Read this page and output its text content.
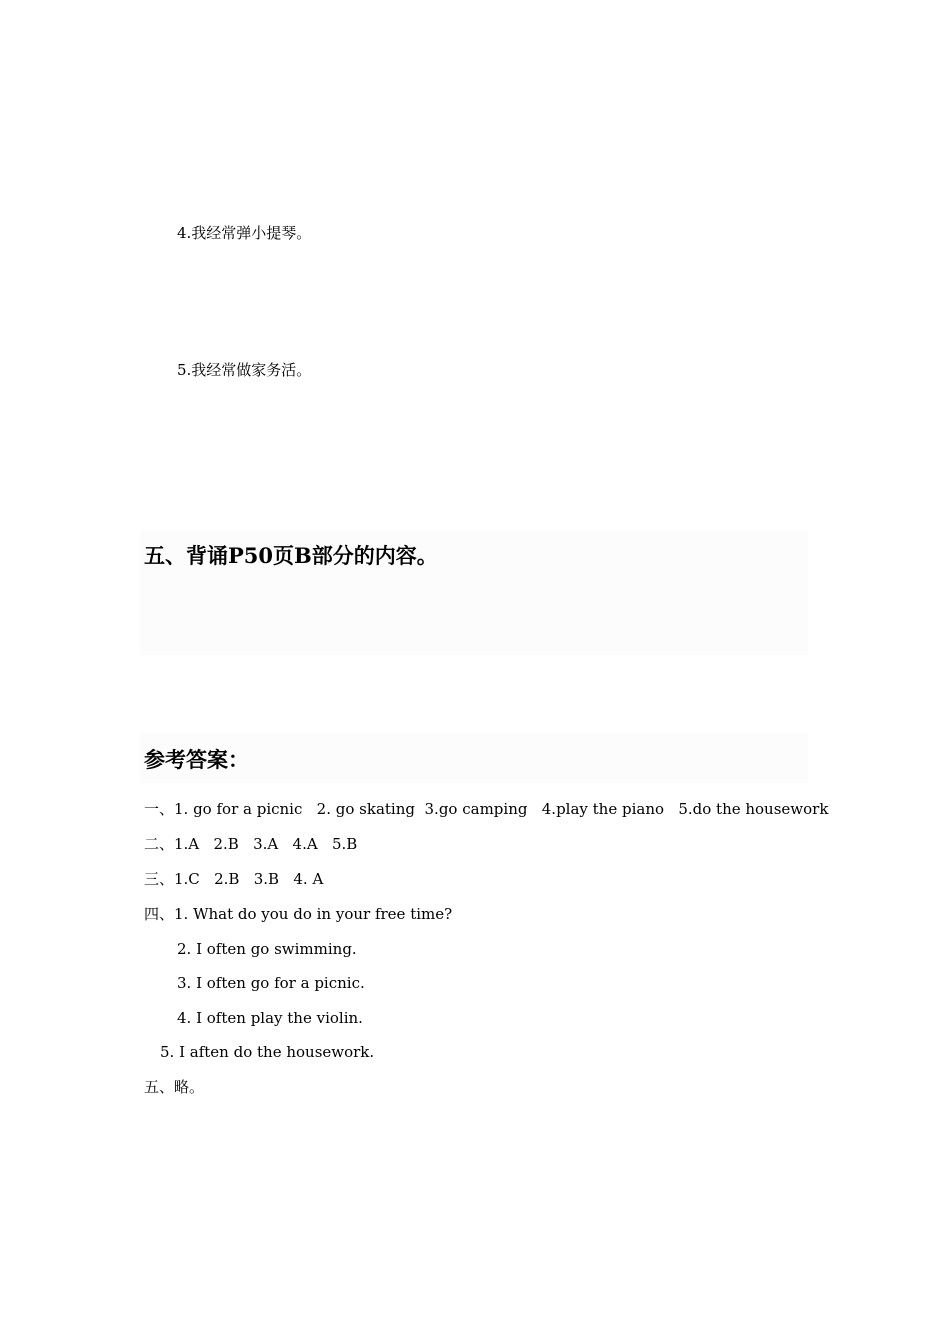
4.我经常弹小提琴。
5.我经常做家务活。
五、背诵P50页B部分的内容。
参考答案：
一、1. go for a picnic   2. go skating  3.go camping   4.play the piano   5.do the housework
二、1.A   2.B   3.A   4.A   5.B
三、1.C   2.B   3.B   4. A
四、1. What do you do in your free time?
2. I often go swimming.
3. I often go for a picnic.
4. I often play the violin.
5. I aften do the housework.
五、略。
